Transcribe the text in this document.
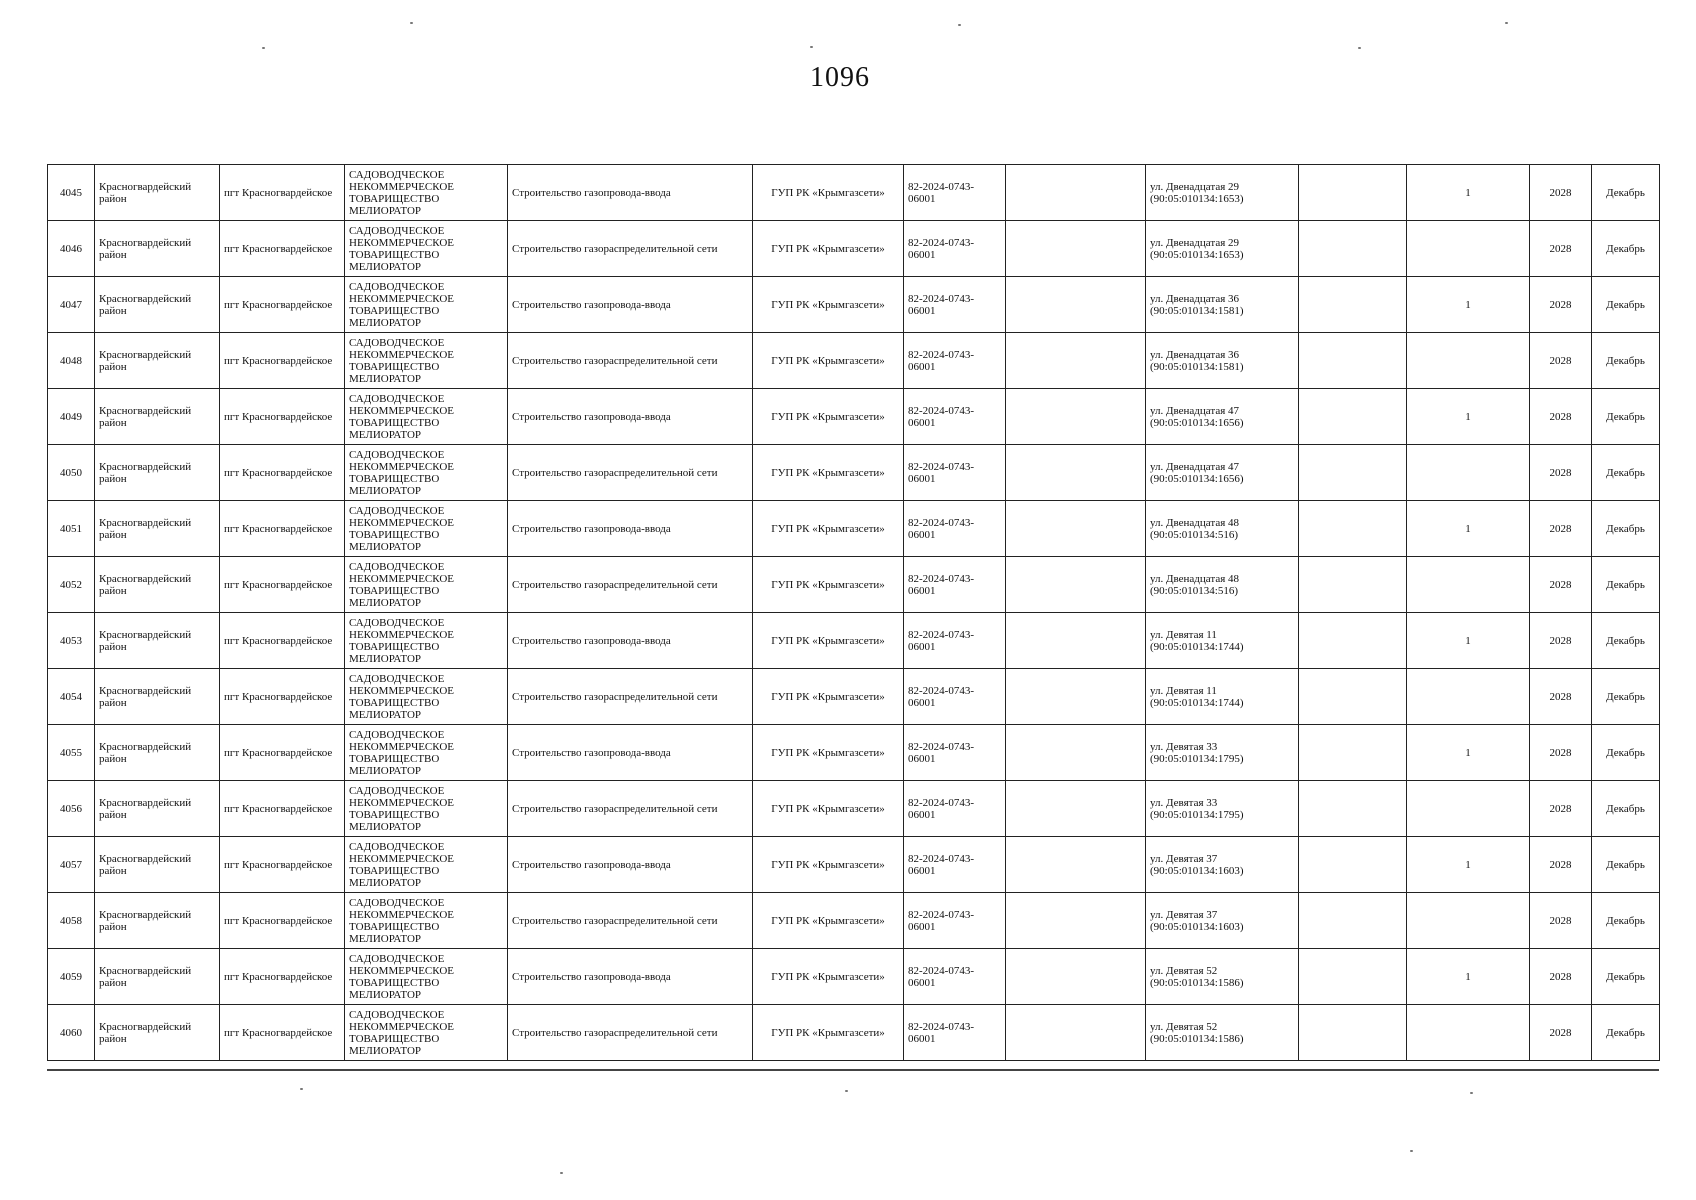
1096
4045	Красногвардейский район	пгт Красногвардейское	САДОВОДЧЕСКОЕ НЕКОММЕРЧЕСКОЕ ТОВАРИЩЕСТВО МЕЛИОРАТОР	Строительство газопровода-ввода	ГУП РК «Крымгазсети»	82-2024-0743-06001		ул. Двенадцатая 29 (90:05:010134:1653)		1	2028	Декабрь
4046	Красногвардейский район	пгт Красногвардейское	САДОВОДЧЕСКОЕ НЕКОММЕРЧЕСКОЕ ТОВАРИЩЕСТВО МЕЛИОРАТОР	Строительство газораспределительной сети	ГУП РК «Крымгазсети»	82-2024-0743-06001		ул. Двенадцатая 29 (90:05:010134:1653)			2028	Декабрь
4047	Красногвардейский район	пгт Красногвардейское	САДОВОДЧЕСКОЕ НЕКОММЕРЧЕСКОЕ ТОВАРИЩЕСТВО МЕЛИОРАТОР	Строительство газопровода-ввода	ГУП РК «Крымгазсети»	82-2024-0743-06001		ул. Двенадцатая 36 (90:05:010134:1581)		1	2028	Декабрь
4048	Красногвардейский район	пгт Красногвардейское	САДОВОДЧЕСКОЕ НЕКОММЕРЧЕСКОЕ ТОВАРИЩЕСТВО МЕЛИОРАТОР	Строительство газораспределительной сети	ГУП РК «Крымгазсети»	82-2024-0743-06001		ул. Двенадцатая 36 (90:05:010134:1581)			2028	Декабрь
4049	Красногвардейский район	пгт Красногвардейское	САДОВОДЧЕСКОЕ НЕКОММЕРЧЕСКОЕ ТОВАРИЩЕСТВО МЕЛИОРАТОР	Строительство газопровода-ввода	ГУП РК «Крымгазсети»	82-2024-0743-06001		ул. Двенадцатая 47 (90:05:010134:1656)		1	2028	Декабрь
4050	Красногвардейский район	пгт Красногвардейское	САДОВОДЧЕСКОЕ НЕКОММЕРЧЕСКОЕ ТОВАРИЩЕСТВО МЕЛИОРАТОР	Строительство газораспределительной сети	ГУП РК «Крымгазсети»	82-2024-0743-06001		ул. Двенадцатая 47 (90:05:010134:1656)			2028	Декабрь
4051	Красногвардейский район	пгт Красногвардейское	САДОВОДЧЕСКОЕ НЕКОММЕРЧЕСКОЕ ТОВАРИЩЕСТВО МЕЛИОРАТОР	Строительство газопровода-ввода	ГУП РК «Крымгазсети»	82-2024-0743-06001		ул. Двенадцатая 48 (90:05:010134:516)		1	2028	Декабрь
4052	Красногвардейский район	пгт Красногвардейское	САДОВОДЧЕСКОЕ НЕКОММЕРЧЕСКОЕ ТОВАРИЩЕСТВО МЕЛИОРАТОР	Строительство газораспределительной сети	ГУП РК «Крымгазсети»	82-2024-0743-06001		ул. Двенадцатая 48 (90:05:010134:516)			2028	Декабрь
4053	Красногвардейский район	пгт Красногвардейское	САДОВОДЧЕСКОЕ НЕКОММЕРЧЕСКОЕ ТОВАРИЩЕСТВО МЕЛИОРАТОР	Строительство газопровода-ввода	ГУП РК «Крымгазсети»	82-2024-0743-06001		ул. Девятая 11 (90:05:010134:1744)		1	2028	Декабрь
4054	Красногвардейский район	пгт Красногвардейское	САДОВОДЧЕСКОЕ НЕКОММЕРЧЕСКОЕ ТОВАРИЩЕСТВО МЕЛИОРАТОР	Строительство газораспределительной сети	ГУП РК «Крымгазсети»	82-2024-0743-06001		ул. Девятая 11 (90:05:010134:1744)			2028	Декабрь
4055	Красногвардейский район	пгт Красногвардейское	САДОВОДЧЕСКОЕ НЕКОММЕРЧЕСКОЕ ТОВАРИЩЕСТВО МЕЛИОРАТОР	Строительство газопровода-ввода	ГУП РК «Крымгазсети»	82-2024-0743-06001		ул. Девятая 33 (90:05:010134:1795)		1	2028	Декабрь
4056	Красногвардейский район	пгт Красногвардейское	САДОВОДЧЕСКОЕ НЕКОММЕРЧЕСКОЕ ТОВАРИЩЕСТВО МЕЛИОРАТОР	Строительство газораспределительной сети	ГУП РК «Крымгазсети»	82-2024-0743-06001		ул. Девятая 33 (90:05:010134:1795)			2028	Декабрь
4057	Красногвардейский район	пгт Красногвардейское	САДОВОДЧЕСКОЕ НЕКОММЕРЧЕСКОЕ ТОВАРИЩЕСТВО МЕЛИОРАТОР	Строительство газопровода-ввода	ГУП РК «Крымгазсети»	82-2024-0743-06001		ул. Девятая 37 (90:05:010134:1603)		1	2028	Декабрь
4058	Красногвардейский район	пгт Красногвардейское	САДОВОДЧЕСКОЕ НЕКОММЕРЧЕСКОЕ ТОВАРИЩЕСТВО МЕЛИОРАТОР	Строительство газораспределительной сети	ГУП РК «Крымгазсети»	82-2024-0743-06001		ул. Девятая 37 (90:05:010134:1603)			2028	Декабрь
4059	Красногвардейский район	пгт Красногвардейское	САДОВОДЧЕСКОЕ НЕКОММЕРЧЕСКОЕ ТОВАРИЩЕСТВО МЕЛИОРАТОР	Строительство газопровода-ввода	ГУП РК «Крымгазсети»	82-2024-0743-06001		ул. Девятая 52 (90:05:010134:1586)		1	2028	Декабрь
4060	Красногвардейский район	пгт Красногвардейское	САДОВОДЧЕСКОЕ НЕКОММЕРЧЕСКОЕ ТОВАРИЩЕСТВО МЕЛИОРАТОР	Строительство газораспределительной сети	ГУП РК «Крымгазсети»	82-2024-0743-06001		ул. Девятая 52 (90:05:010134:1586)			2028	Декабрь
